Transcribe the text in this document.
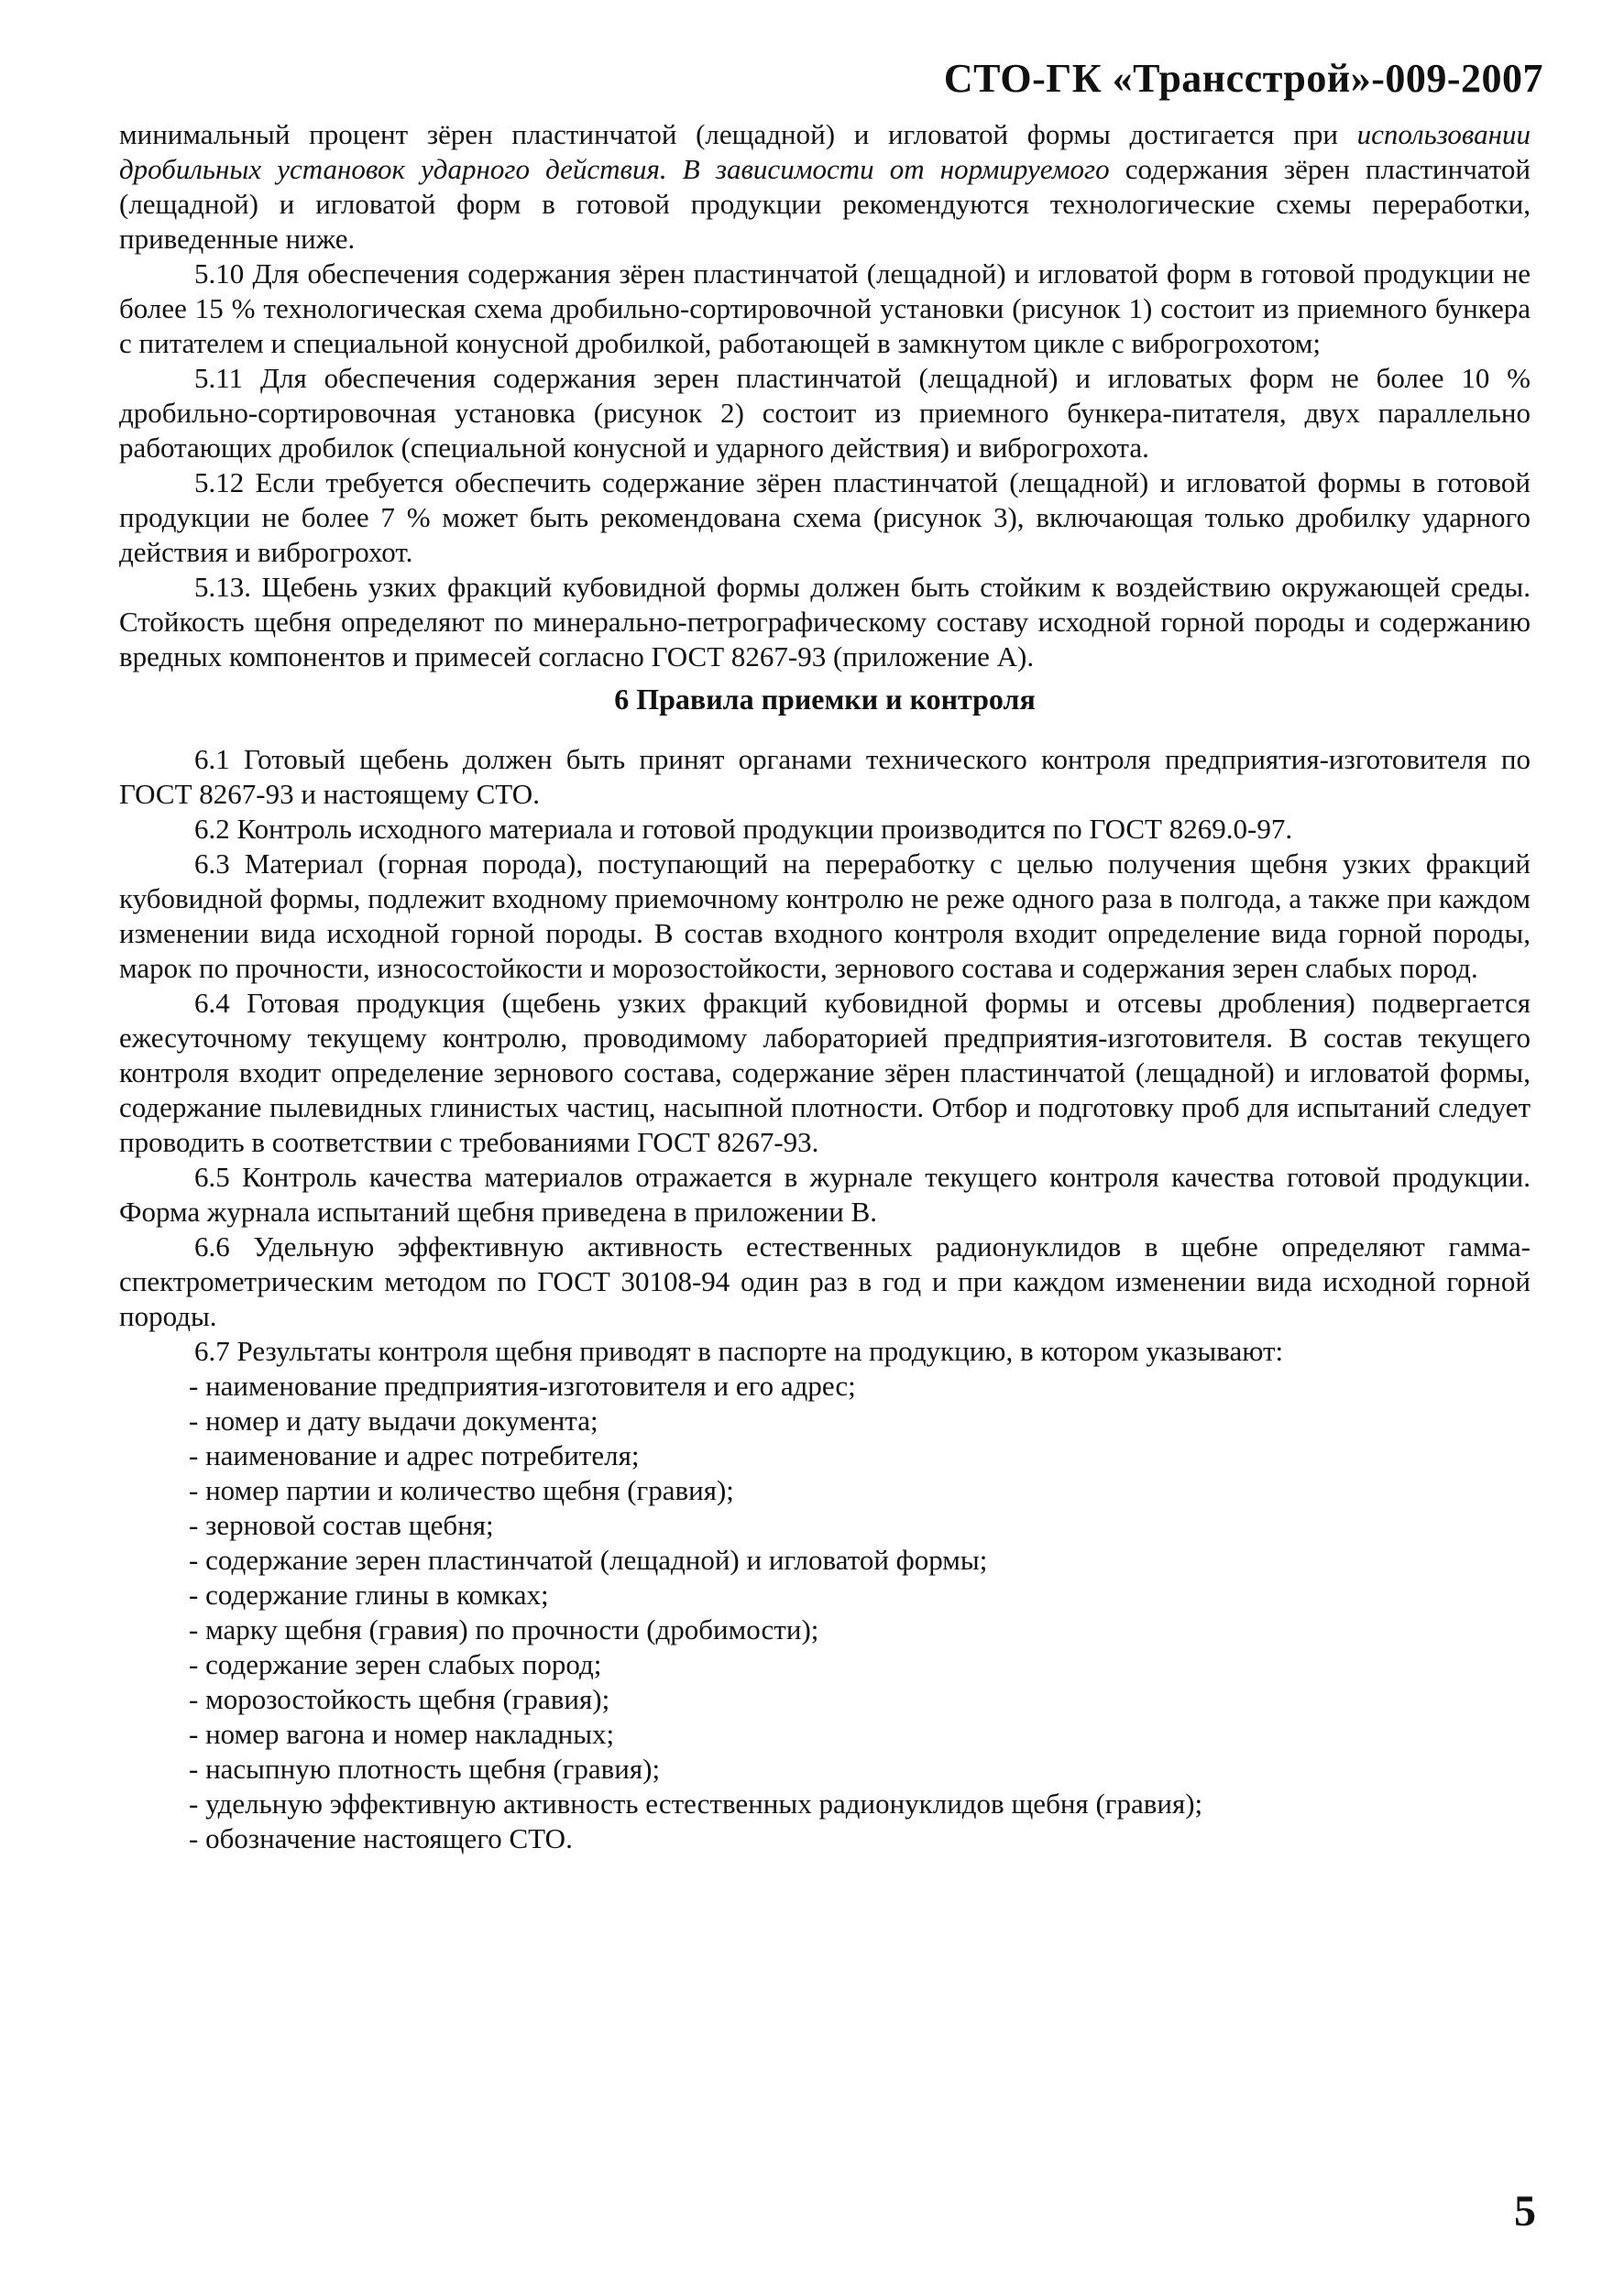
СТО-ГК «Трансстрой»-009-2007

минимальный процент зёрен пластинчатой (лещадной) и игловатой формы достигается при использовании дробильных установок ударного действия. В зависимости от нормируемого содержания зёрен пластинчатой (лещадной) и игловатой форм в готовой продукции рекомендуются технологические схемы переработки, приведенные ниже.

5.10 Для обеспечения содержания зёрен пластинчатой (лещадной) и игловатой форм в готовой продукции не более 15 % технологическая схема дробильно-сортировочной установки (рисунок 1) состоит из приемного бункера с питателем и специальной конусной дробилкой, работающей в замкнутом цикле с виброгрохотом;

5.11 Для обеспечения содержания зерен пластинчатой (лещадной) и игловатых форм не более 10 % дробильно-сортировочная установка (рисунок 2) состоит из приемного бункера-питателя, двух параллельно работающих дробилок (специальной конусной и ударного действия) и виброгрохота.

5.12 Если требуется обеспечить содержание зёрен пластинчатой (лещадной) и игловатой формы в готовой продукции не более 7 % может быть рекомендована схема (рисунок 3), включающая только дробилку ударного действия и виброгрохот.

5.13. Щебень узких фракций кубовидной формы должен быть стойким к воздействию окружающей среды. Стойкость щебня определяют по минерально-петрографическому составу исходной горной породы и содержанию вредных компонентов и примесей согласно ГОСТ 8267-93 (приложение А).

6 Правила приемки и контроля

6.1 Готовый щебень должен быть принят органами технического контроля предприятия-изготовителя по ГОСТ 8267-93 и настоящему СТО.

6.2 Контроль исходного материала и готовой продукции производится по ГОСТ 8269.0-97.

6.3 Материал (горная порода), поступающий на переработку с целью получения щебня узких фракций кубовидной формы, подлежит входному приемочному контролю не реже одного раза в полгода, а также при каждом изменении вида исходной горной породы. В состав входного контроля входит определение вида горной породы, марок по прочности, износостойкости и морозостойкости, зернового состава и содержания зерен слабых пород.

6.4 Готовая продукция (щебень узких фракций кубовидной формы и отсевы дробления) подвергается ежесуточному текущему контролю, проводимому лабораторией предприятия-изготовителя. В состав текущего контроля входит определение зернового состава, содержание зёрен пластинчатой (лещадной) и игловатой формы, содержание пылевидных глинистых частиц, насыпной плотности. Отбор и подготовку проб для испытаний следует проводить в соответствии с требованиями ГОСТ 8267-93.

6.5 Контроль качества материалов отражается в журнале текущего контроля качества готовой продукции. Форма журнала испытаний щебня приведена в приложении В.

6.6 Удельную эффективную активность естественных радионуклидов в щебне определяют гамма-спектрометрическим методом по ГОСТ 30108-94 один раз в год и при каждом изменении вида исходной горной породы.

6.7 Результаты контроля щебня приводят в паспорте на продукцию, в котором указывают:

- наименование предприятия-изготовителя и его адрес;
- номер и дату выдачи документа;
- наименование и адрес потребителя;
- номер партии и количество щебня (гравия);
- зерновой состав щебня;
- содержание зерен пластинчатой (лещадной) и игловатой формы;
- содержание глины в комках;
- марку щебня (гравия) по прочности (дробимости);
- содержание зерен слабых пород;
- морозостойкость щебня (гравия);
- номер вагона и номер накладных;
- насыпную плотность щебня (гравия);
- удельную эффективную активность естественных радионуклидов щебня (гравия);
- обозначение настоящего СТО.
5
